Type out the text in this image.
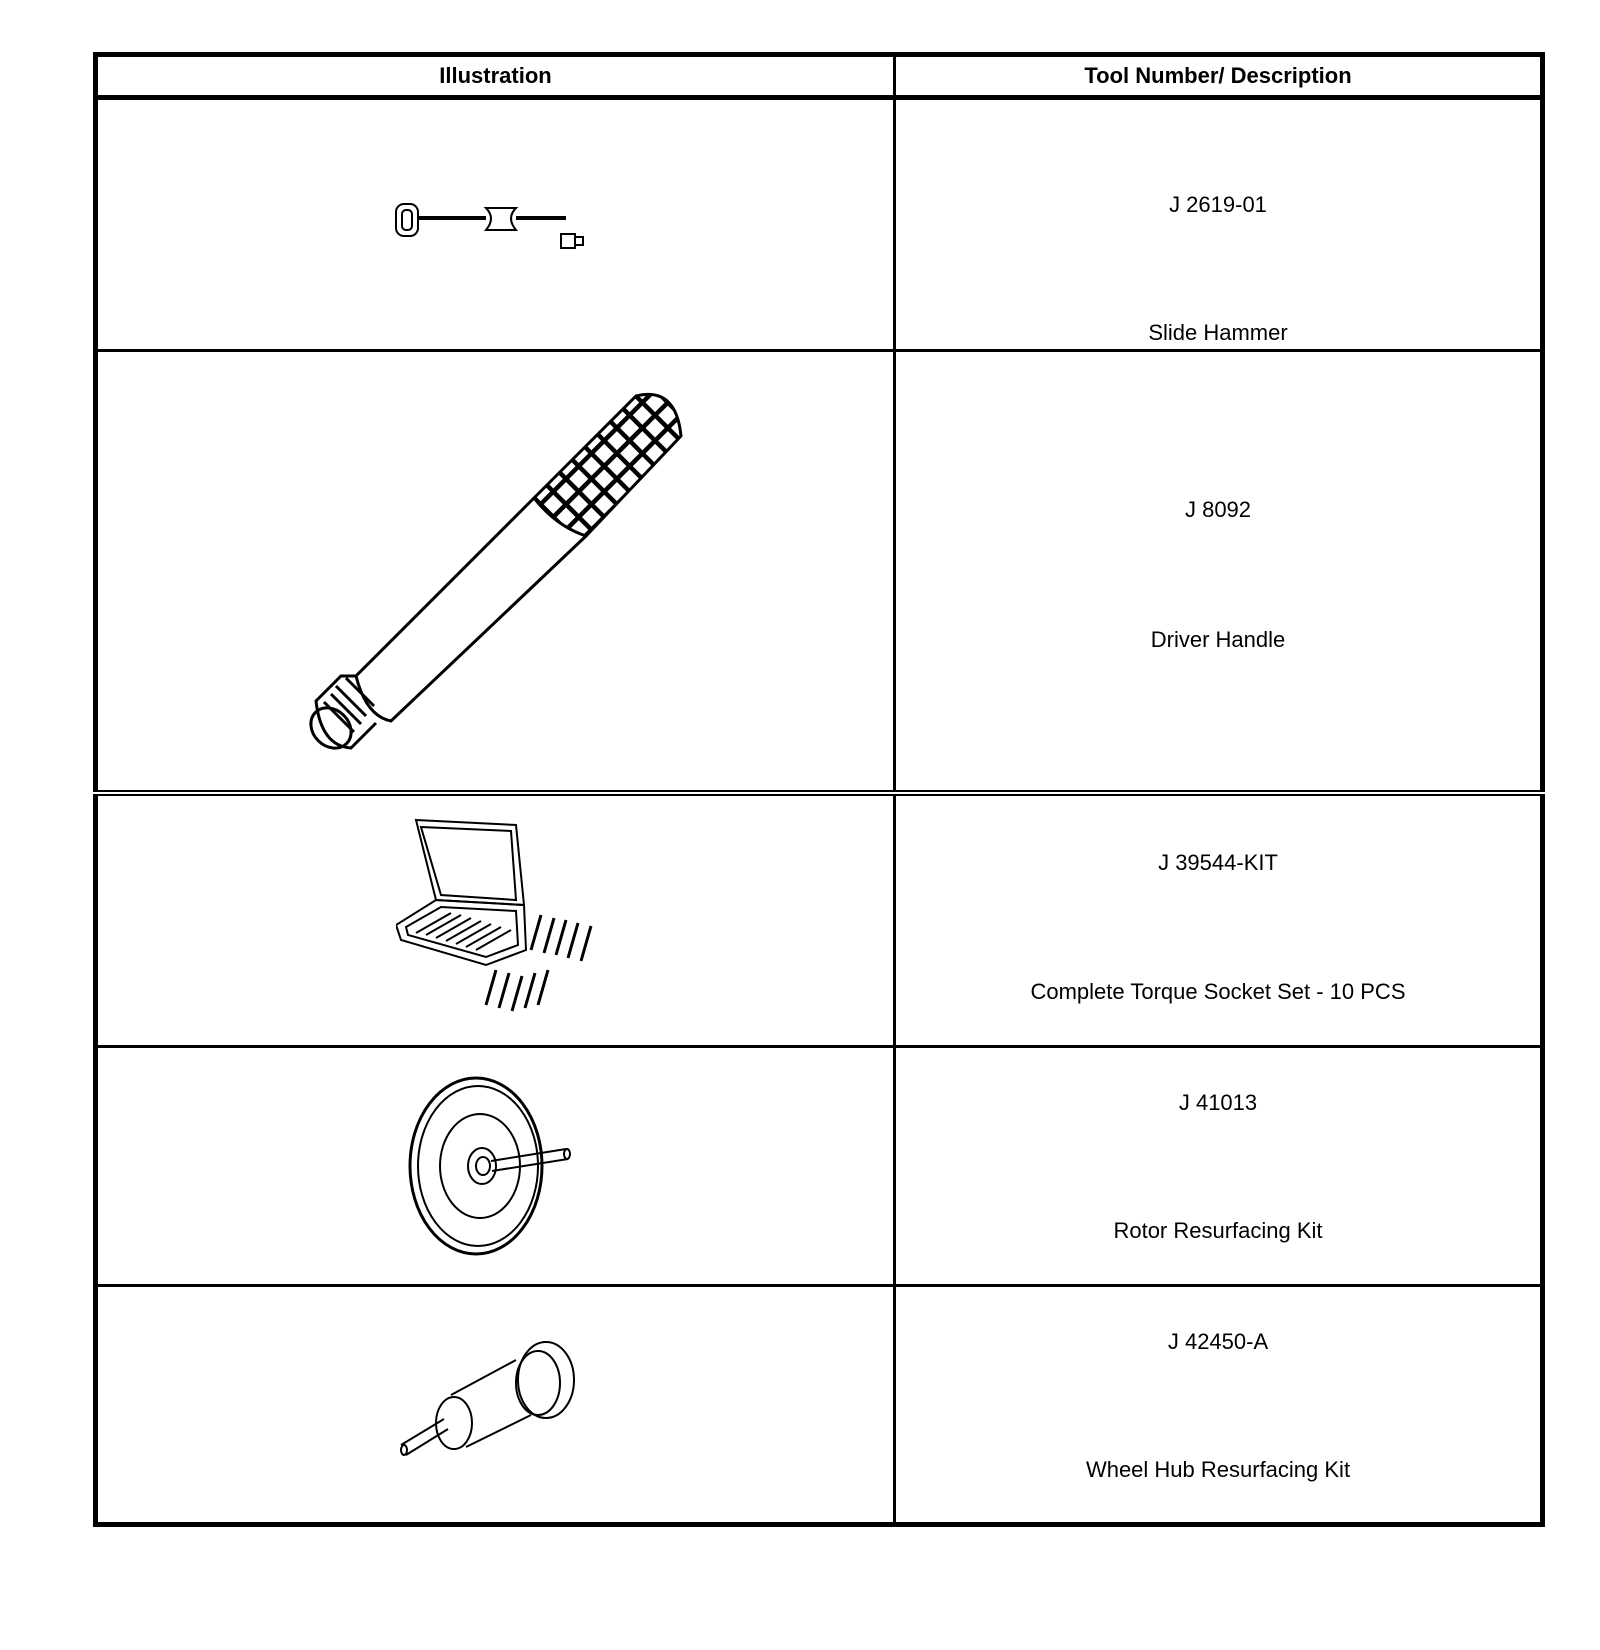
Illustration	Tool Number/ Description

J 2619-01
Slide Hammer

J 8092
Driver Handle

J 39544-KIT
Complete Torque Socket Set - 10 PCS

J 41013
Rotor Resurfacing Kit

J 42450-A
Wheel Hub Resurfacing Kit
